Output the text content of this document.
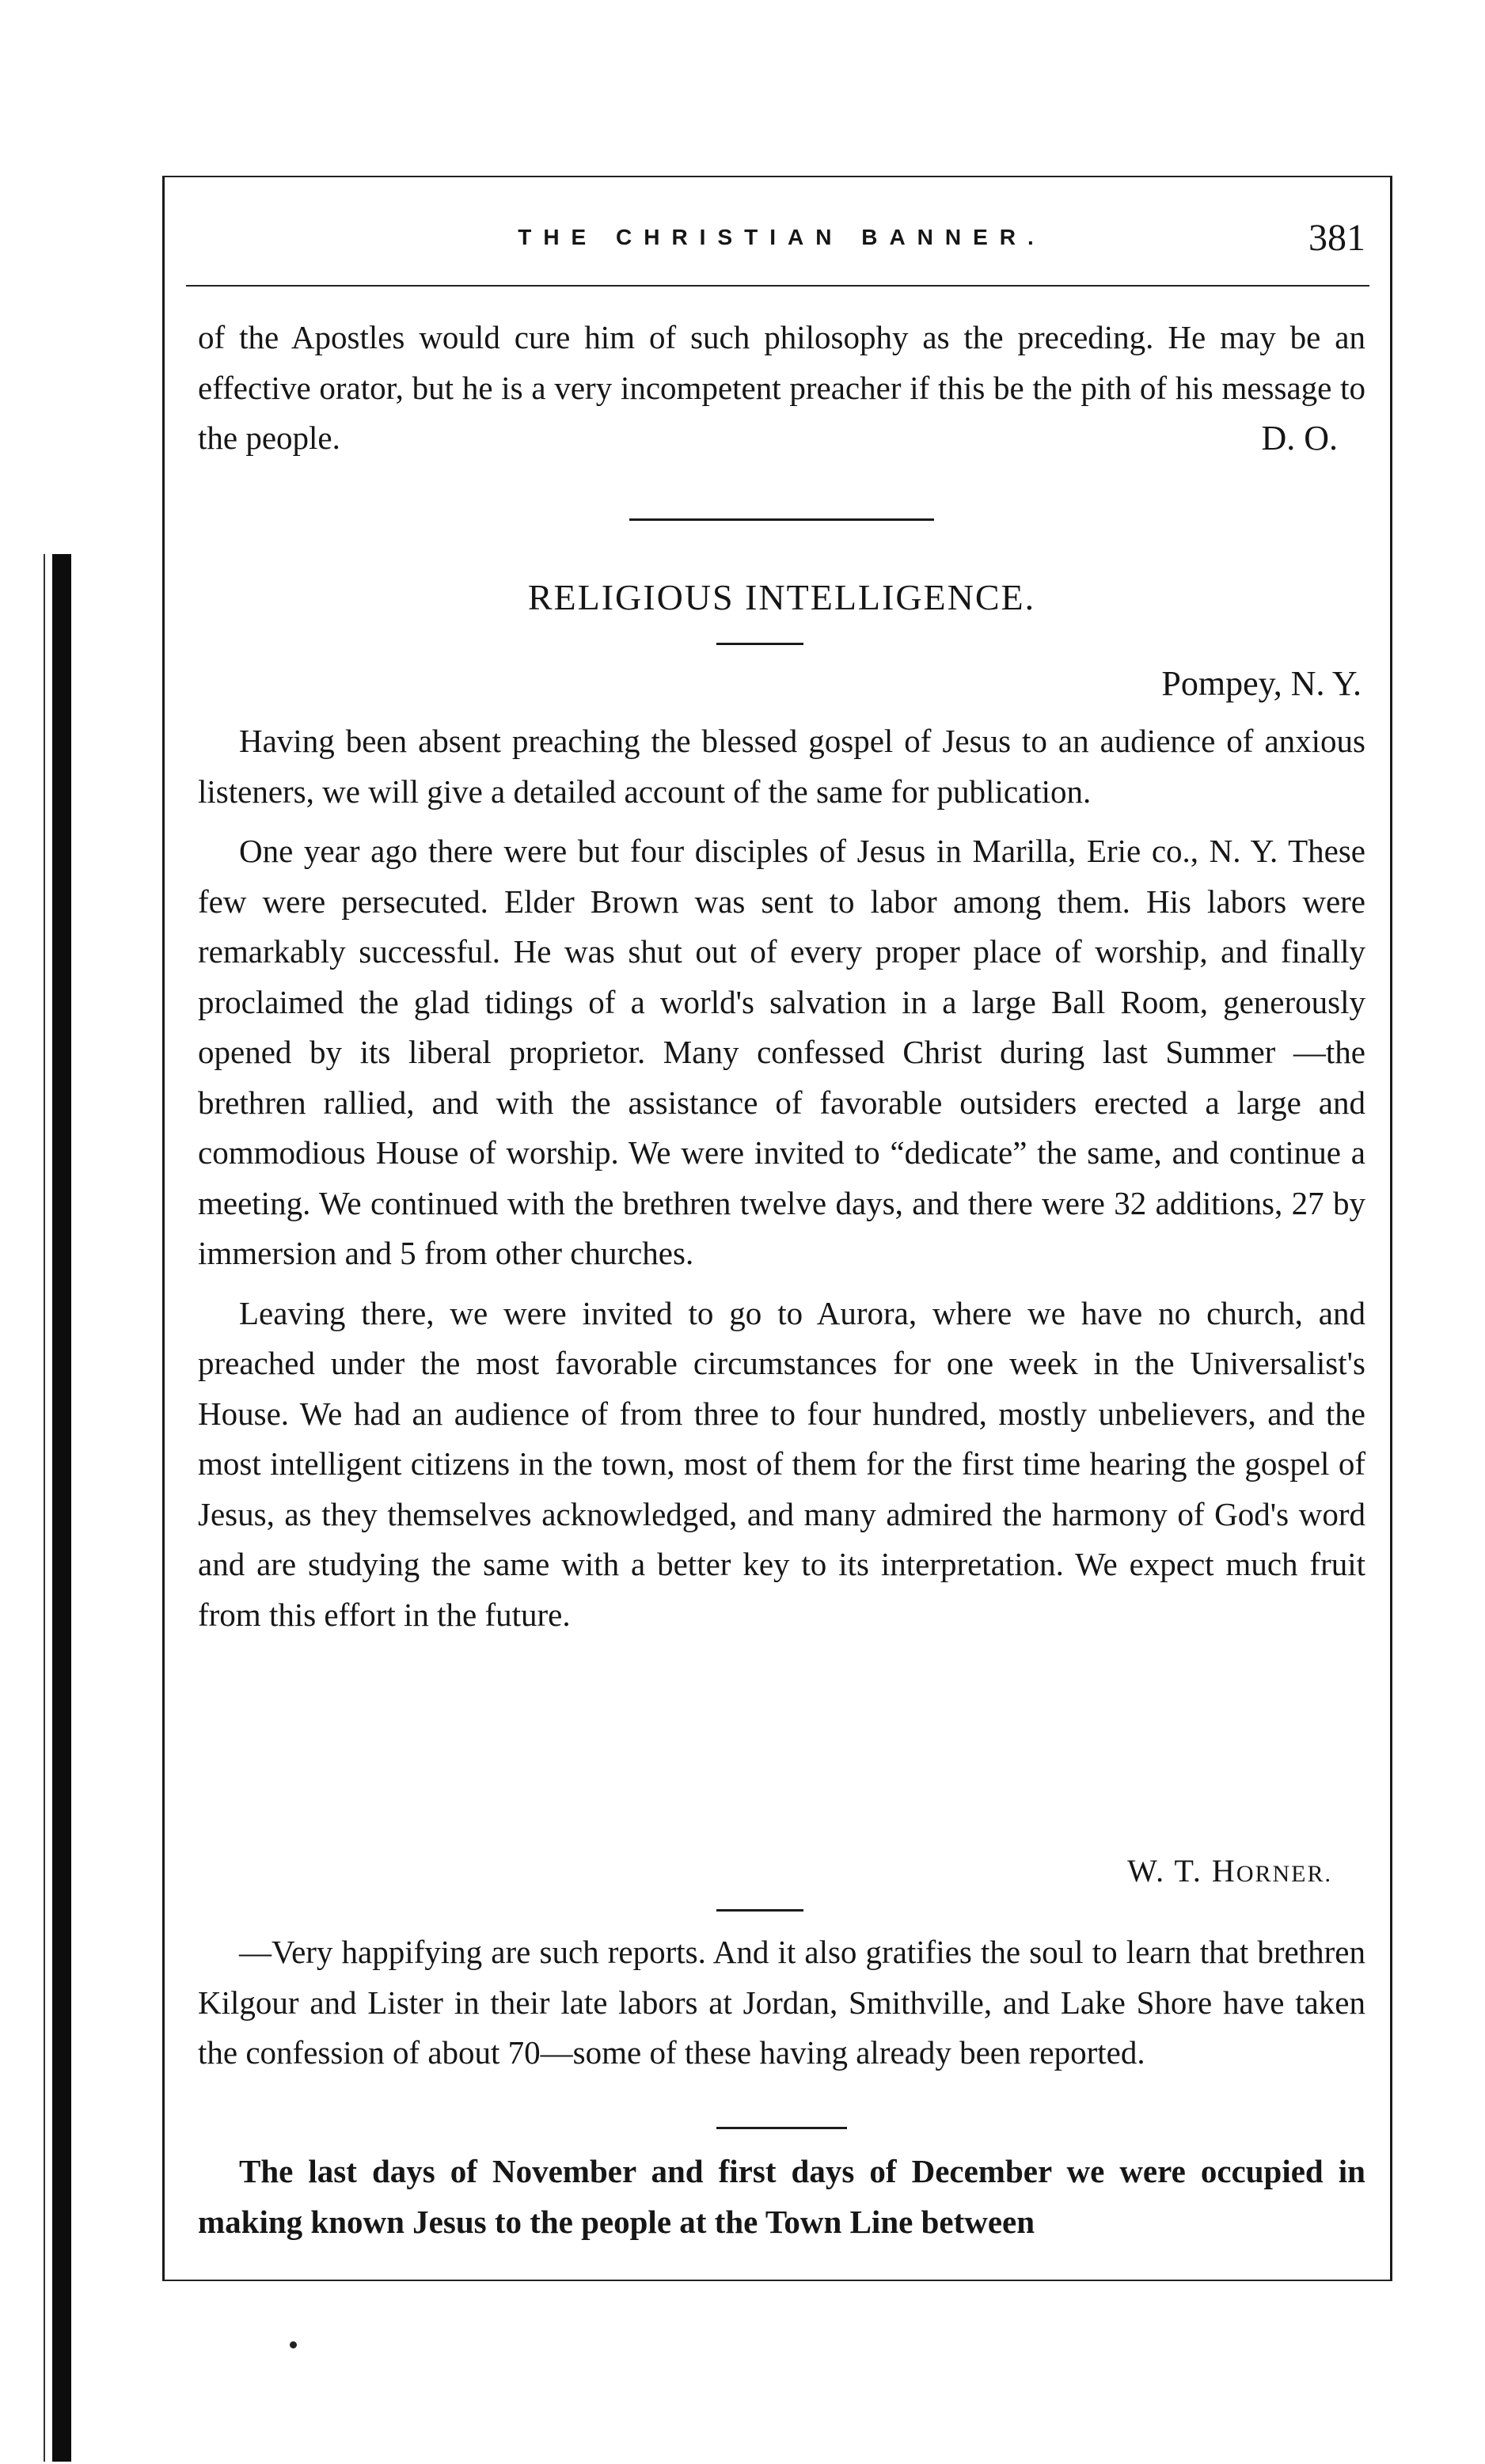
THE CHRISTIAN BANNER.	381

of the Apostles would cure him of such philosophy as the preceding. He may be an effective orator, but he is a very incompetent preacher if this be the pith of his message to the people.	D. O.

RELIGIOUS INTELLIGENCE.
Pompey, N. Y.

Having been absent preaching the blessed gospel of Jesus to an audience of anxious listeners, we will give a detailed account of the same for publication.

One year ago there were but four disciples of Jesus in Marilla, Erie co., N. Y. These few were persecuted. Elder Brown was sent to labor among them. His labors were remarkably successful. He was shut out of every proper place of worship, and finally proclaimed the glad tidings of a world's salvation in a large Ball Room, generously opened by its liberal proprietor. Many confessed Christ during last Summer —the brethren rallied, and with the assistance of favorable outsiders erected a large and commodious House of worship. We were invited to “dedicate” the same, and continue a meeting. We continued with the brethren twelve days, and there were 32 additions, 27 by immersion and 5 from other churches.

Leaving there, we were invited to go to Aurora, where we have no church, and preached under the most favorable circumstances for one week in the Universalist's House. We had an audience of from three to four hundred, mostly unbelievers, and the most intelligent citizens in the town, most of them for the first time hearing the gospel of Jesus, as they themselves acknowledged, and many admired the harmony of God's word and are studying the same with a better key to its interpretation. We expect much fruit from this effort in the future.

W. T. HORNER.

—Very happifying are such reports. And it also gratifies the soul to learn that brethren Kilgour and Lister in their late labors at Jordan, Smithville, and Lake Shore have taken the confession of about 70—some of these having already been reported.

The last days of November and first days of December we were occupied in making known Jesus to the people at the Town Line between
